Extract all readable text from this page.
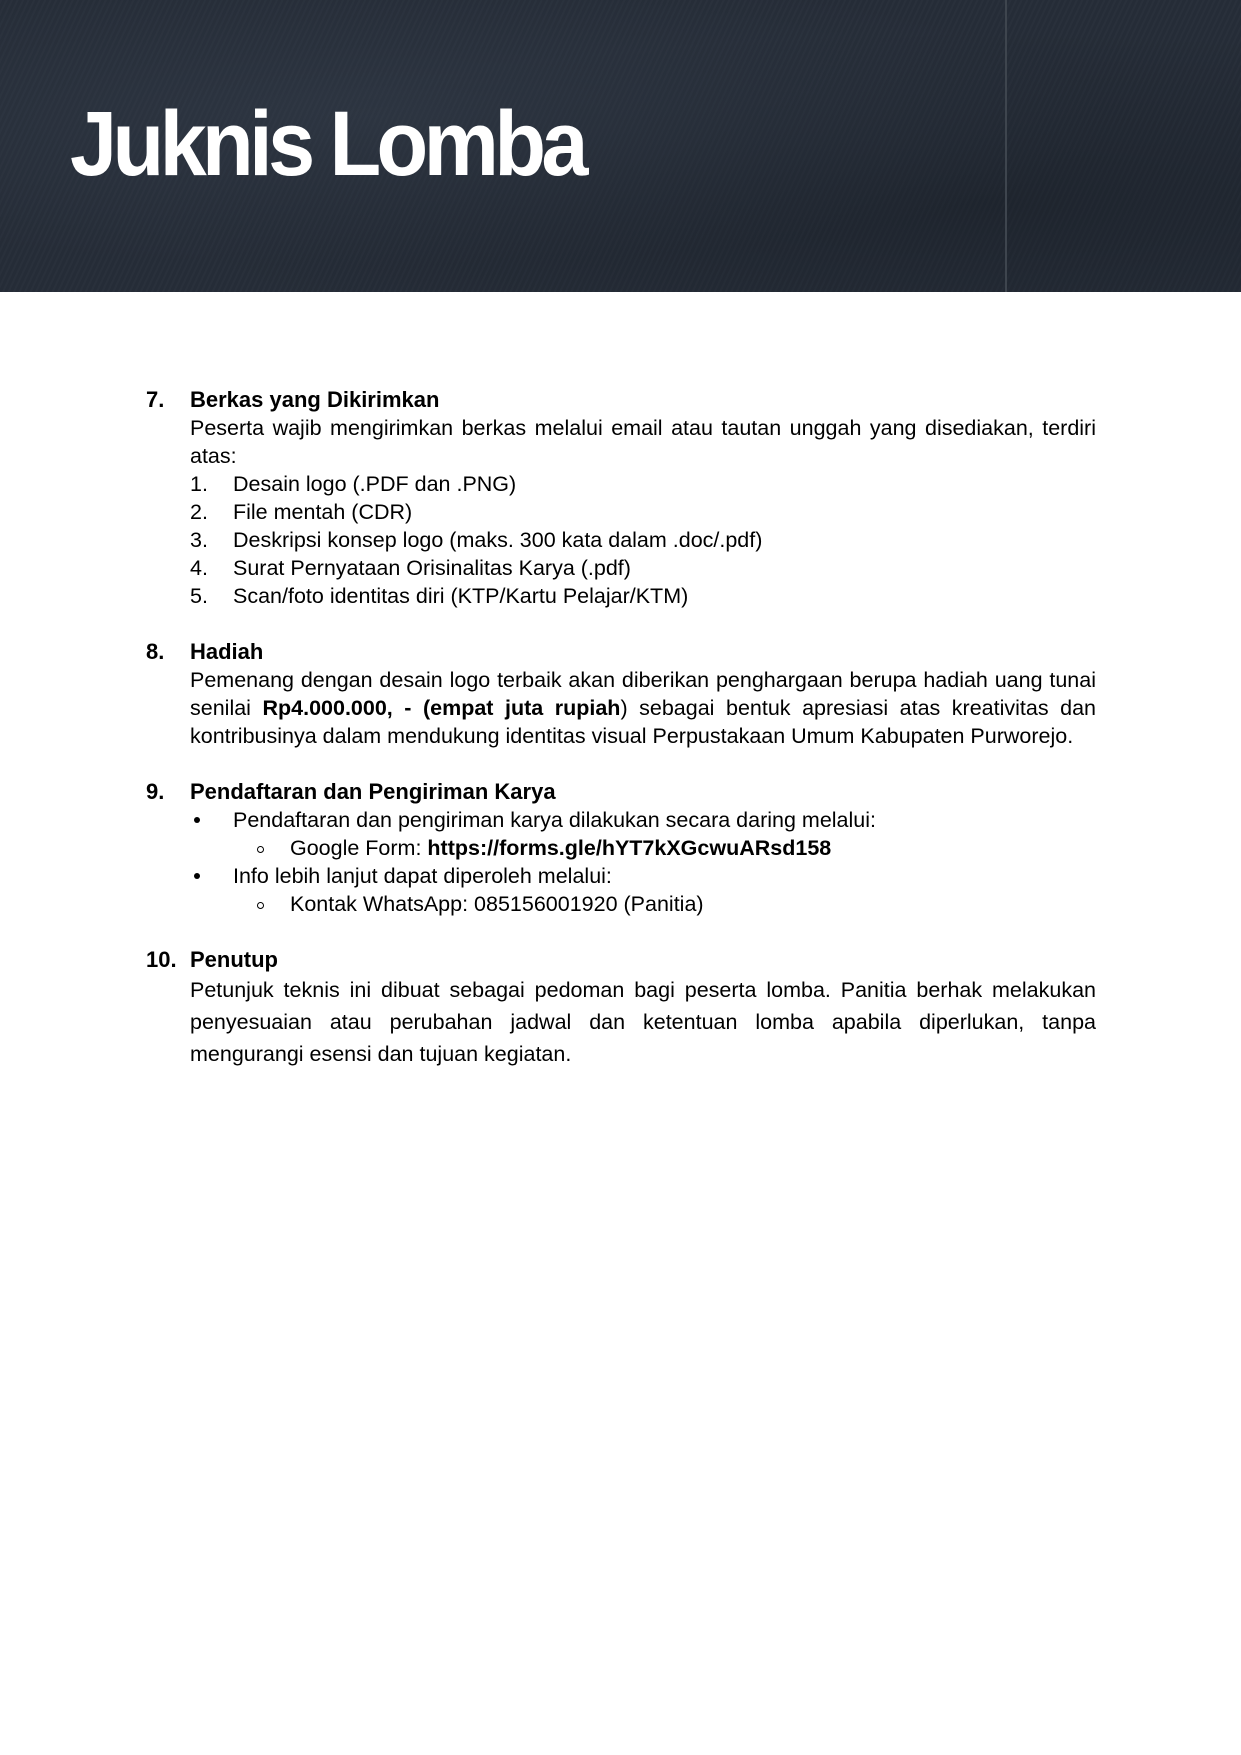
Juknis Lomba
7.	Berkas yang Dikirimkan
Peserta wajib mengirimkan berkas melalui email atau tautan unggah yang disediakan, terdiri atas:
1.	Desain logo (.PDF dan .PNG)
2.	File mentah (CDR)
3.	Deskripsi konsep logo (maks. 300 kata dalam .doc/.pdf)
4.	Surat Pernyataan Orisinalitas Karya (.pdf)
5.	Scan/foto identitas diri (KTP/Kartu Pelajar/KTM)
8.	Hadiah
Pemenang dengan desain logo terbaik akan diberikan penghargaan berupa hadiah uang tunai senilai Rp4.000.000, - (empat juta rupiah) sebagai bentuk apresiasi atas kreativitas dan kontribusinya dalam mendukung identitas visual Perpustakaan Umum Kabupaten Purworejo.
9.	Pendaftaran dan Pengiriman Karya
Pendaftaran dan pengiriman karya dilakukan secara daring melalui:
Google Form: https://forms.gle/hYT7kXGcwuARsd158
Info lebih lanjut dapat diperoleh melalui:
Kontak WhatsApp: 085156001920 (Panitia)
10. Penutup
Petunjuk teknis ini dibuat sebagai pedoman bagi peserta lomba. Panitia berhak melakukan penyesuaian atau perubahan jadwal dan ketentuan lomba apabila diperlukan, tanpa mengurangi esensi dan tujuan kegiatan.
